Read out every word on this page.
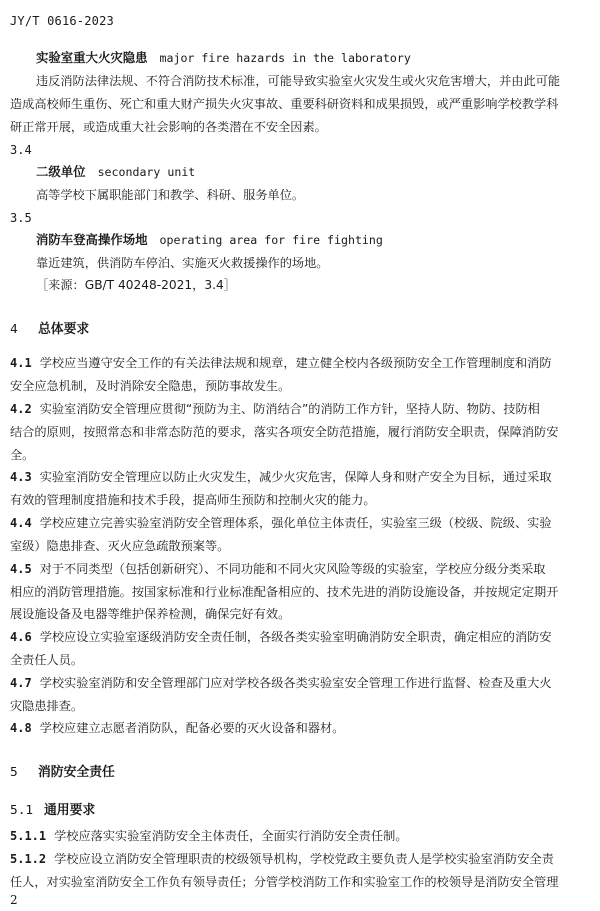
JY/T 0616-2023
实验室重大火灾隐患 major fire hazards in the laboratory
违反消防法律法规、不符合消防技术标准，可能导致实验室火灾发生或火灾危害增大，并由此可能
造成高校师生重伤、死亡和重大财产损失火灾事故、重要科研资料和成果损毁，或严重影响学校教学科
研正常开展，或造成重大社会影响的各类潜在不安全因素。
3.4
二级单位 secondary unit
高等学校下属职能部门和教学、科研、服务单位。
3.5
消防车登高操作场地 operating area for fire fighting
靠近建筑，供消防车停泊、实施灭火救援操作的场地。
［来源：GB/T 40248-2021，3.4］
4 总体要求
4.1 学校应当遵守安全工作的有关法律法规和规章，建立健全校内各级预防安全工作管理制度和消防
安全应急机制，及时消除安全隐患，预防事故发生。
4.2 实验室消防安全管理应贯彻“预防为主、防消结合”的消防工作方针，坚持人防、物防、技防相
结合的原则，按照常态和非常态防范的要求，落实各项安全防范措施，履行消防安全职责，保障消防安
全。
4.3 实验室消防安全管理应以防止火灾发生，减少火灾危害，保障人身和财产安全为目标，通过采取
有效的管理制度措施和技术手段，提高师生预防和控制火灾的能力。
4.4 学校应建立完善实验室消防安全管理体系，强化单位主体责任，实验室三级（校级、院级、实验
室级）隐患排查、灭火应急疏散预案等。
4.5 对于不同类型（包括创新研究）、不同功能和不同火灾风险等级的实验室，学校应分级分类采取
相应的消防管理措施。按国家标准和行业标准配备相应的、技术先进的消防设施设备，并按规定定期开
展设施设备及电器等维护保养检测，确保完好有效。
4.6 学校应设立实验室逐级消防安全责任制，各级各类实验室明确消防安全职责，确定相应的消防安
全责任人员。
4.7 学校实验室消防和安全管理部门应对学校各级各类实验室安全管理工作进行监督、检查及重大火
灾隐患排查。
4.8 学校应建立志愿者消防队，配备必要的灭火设备和器材。
5 消防安全责任
5.1 通用要求
5.1.1 学校应落实实验室消防安全主体责任，全面实行消防安全责任制。
5.1.2 学校应设立消防安全管理职责的校级领导机构，学校党政主要负责人是学校实验室消防安全责
任人，对实验室消防安全工作负有领导责任；分管学校消防工作和实验室工作的校领导是消防安全管理
2
